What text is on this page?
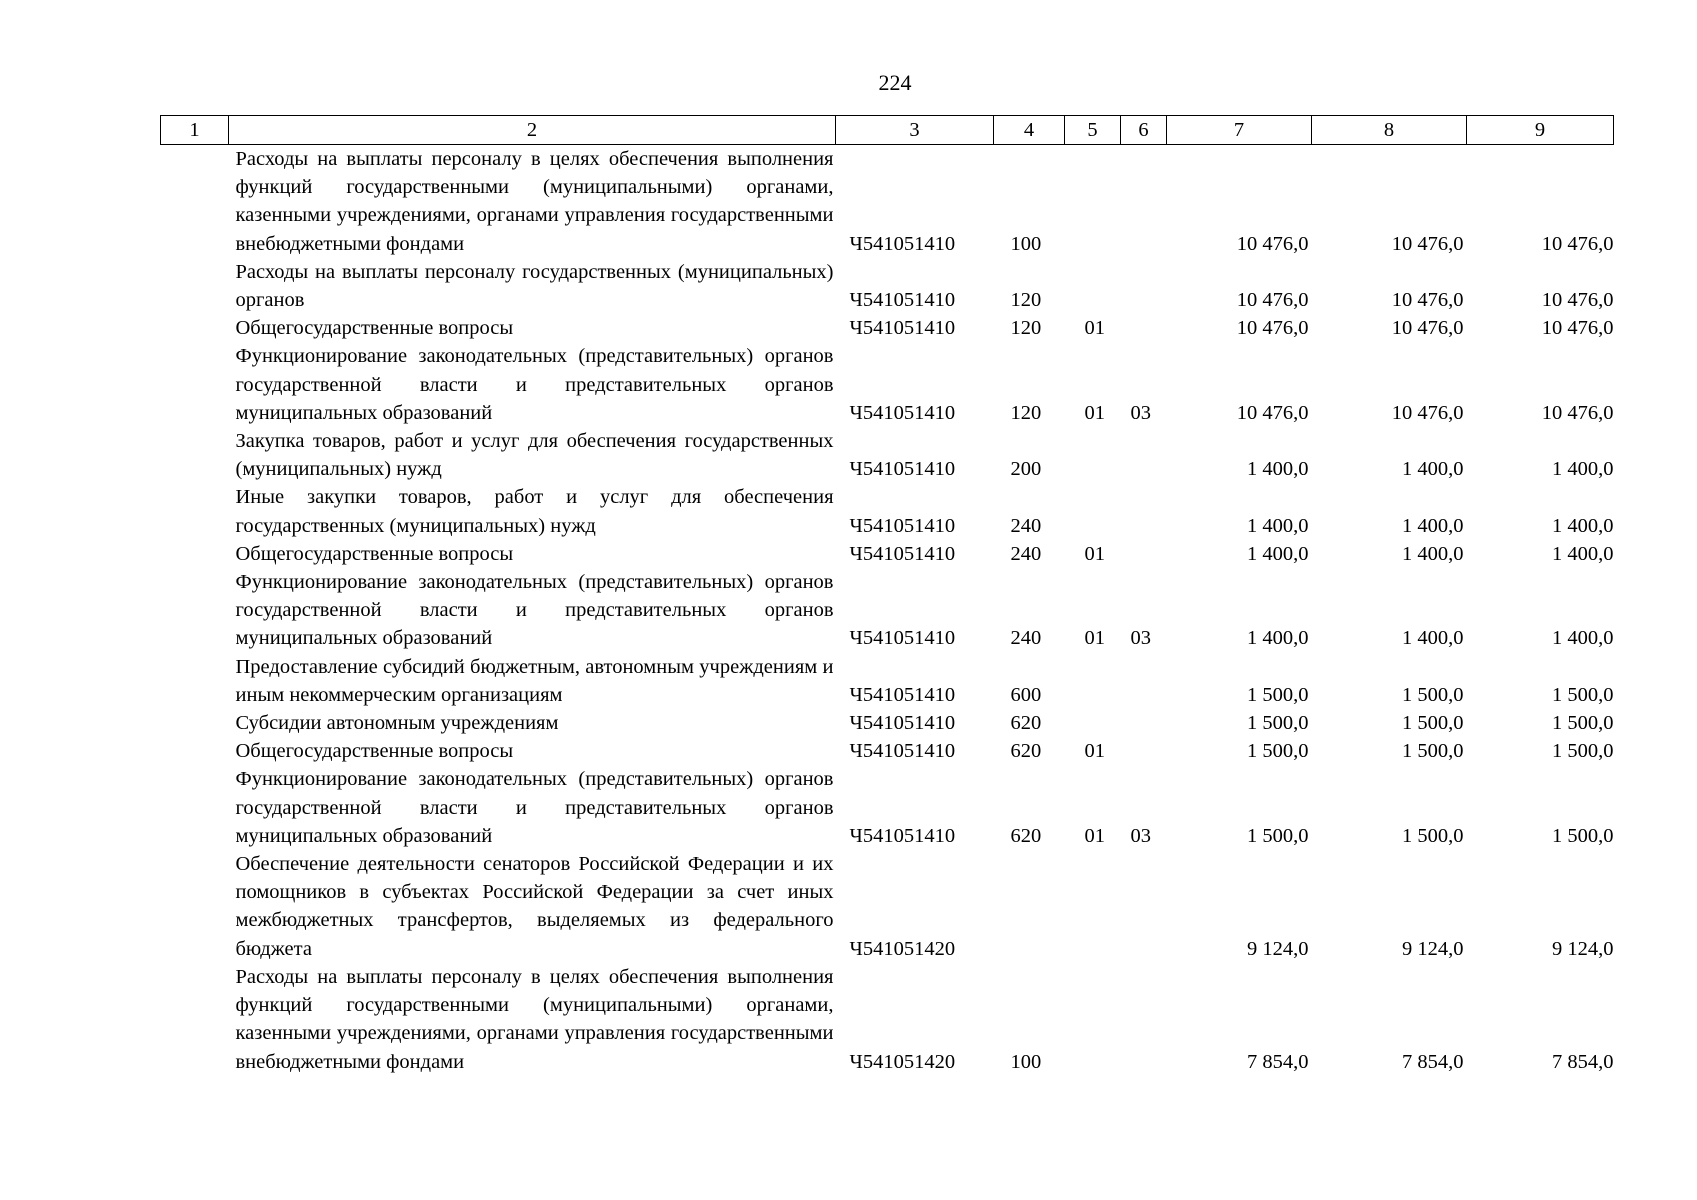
224
1	2	3	4	5	6	7	8	9
	Расходы на выплаты персоналу в целях обеспечения выполнения функций государственными (муниципальными) органами, казенными учреждениями, органами управления государственными внебюджетными фондами	Ч541051410	100			10 476,0	10 476,0	10 476,0
	Расходы на выплаты персоналу государственных (муниципальных) органов	Ч541051410	120			10 476,0	10 476,0	10 476,0
	Общегосударственные вопросы	Ч541051410	120	01		10 476,0	10 476,0	10 476,0
	Функционирование законодательных (представительных) органов государственной власти и представительных органов муниципальных образований	Ч541051410	120	01	03	10 476,0	10 476,0	10 476,0
	Закупка товаров, работ и услуг для обеспечения государственных (муниципальных) нужд	Ч541051410	200			1 400,0	1 400,0	1 400,0
	Иные закупки товаров, работ и услуг для обеспечения государственных (муниципальных) нужд	Ч541051410	240			1 400,0	1 400,0	1 400,0
	Общегосударственные вопросы	Ч541051410	240	01		1 400,0	1 400,0	1 400,0
	Функционирование законодательных (представительных) органов государственной власти и представительных органов муниципальных образований	Ч541051410	240	01	03	1 400,0	1 400,0	1 400,0
	Предоставление субсидий бюджетным, автономным учреждениям и иным некоммерческим организациям	Ч541051410	600			1 500,0	1 500,0	1 500,0
	Субсидии автономным учреждениям	Ч541051410	620			1 500,0	1 500,0	1 500,0
	Общегосударственные вопросы	Ч541051410	620	01		1 500,0	1 500,0	1 500,0
	Функционирование законодательных (представительных) органов государственной власти и представительных органов муниципальных образований	Ч541051410	620	01	03	1 500,0	1 500,0	1 500,0
	Обеспечение деятельности сенаторов Российской Федерации и их помощников в субъектах Российской Федерации за счет иных межбюджетных трансфертов, выделяемых из федерального бюджета	Ч541051420				9 124,0	9 124,0	9 124,0
	Расходы на выплаты персоналу в целях обеспечения выполнения функций государственными (муниципальными) органами, казенными учреждениями, органами управления государственными внебюджетными фондами	Ч541051420	100			7 854,0	7 854,0	7 854,0
